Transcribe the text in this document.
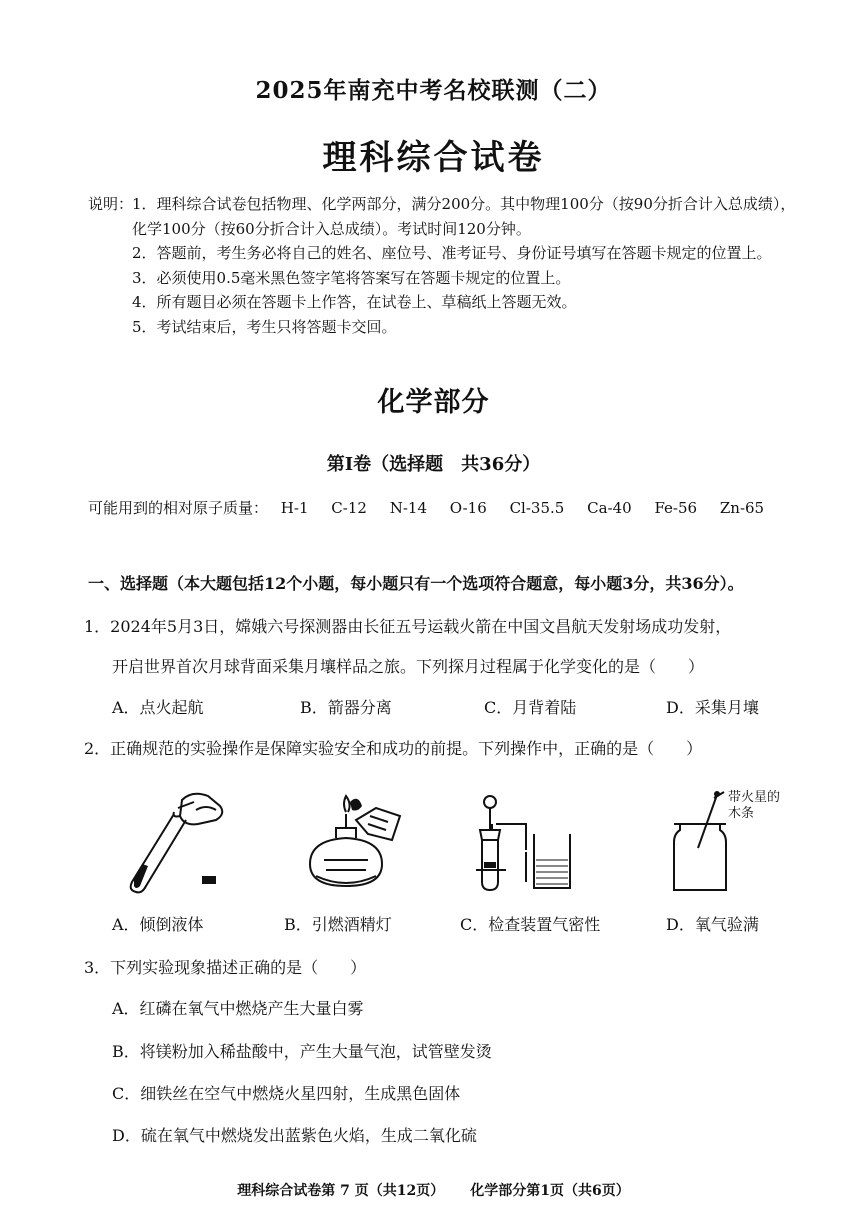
2025年南充中考名校联测（二）
理科综合试卷
说明：
1．理科综合试卷包括物理、化学两部分，满分200分。其中物理100分（按90分折合计入总成绩），化学100分（按60分折合计入总成绩）。考试时间120分钟。
2．答题前，考生务必将自己的姓名、座位号、准考证号、身份证号填写在答题卡规定的位置上。
3．必须使用0.5毫米黑色签字笔将答案写在答题卡规定的位置上。
4．所有题目必须在答题卡上作答，在试卷上、草稿纸上答题无效。
5．考试结束后，考生只将答题卡交回。
化学部分
第Ⅰ卷（选择题　共36分）
可能用到的相对原子质量： H-1 C-12 N-14 O-16 Cl-35.5 Ca-40 Fe-56 Zn-65
一、选择题（本大题包括12个小题，每小题只有一个选项符合题意，每小题3分，共36分）。
1．2024年5月3日，嫦娥六号探测器由长征五号运载火箭在中国文昌航天发射场成功发射，
开启世界首次月球背面采集月壤样品之旅。下列探月过程属于化学变化的是（　　）
A．点火起航	B．箭器分离	C．月背着陆	D．采集月壤
2．正确规范的实验操作是保障实验安全和成功的前提。下列操作中，正确的是（　　）
带火星的木条
A．倾倒液体	B．引燃酒精灯	C．检查装置气密性	D．氧气验满
3．下列实验现象描述正确的是（　　）
A．红磷在氧气中燃烧产生大量白雾
B．将镁粉加入稀盐酸中，产生大量气泡，试管壁发烫
C．细铁丝在空气中燃烧火星四射，生成黑色固体
D．硫在氧气中燃烧发出蓝紫色火焰，生成二氧化硫
理科综合试卷第 7 页（共12页） 化学部分第1页（共6页）
